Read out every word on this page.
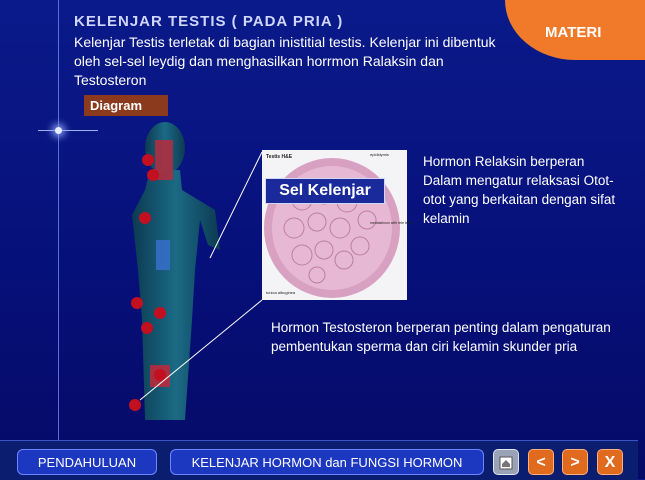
KELENJAR TESTIS ( PADA PRIA )
Kelenjar Testis terletak di bagian inistitial testis. Kelenjar ini dibentuk oleh sel-sel leydig dan menghasilkan horrmon Ralaksin dan Testosteron
MATERI
Diagram
Testis H&E	epididymis
mediastinum with rete testis
tunica albuginea
Sel Kelenjar
Hormon Relaksin berperan Dalam mengatur relaksasi Otot-otot yang berkaitan dengan sifat kelamin
Hormon Testosteron berperan penting dalam pengaturan pembentukan sperma dan ciri kelamin skunder pria
PENDAHULUAN	KELENJAR HORMON dan FUNGSI HORMON	<	>	X
